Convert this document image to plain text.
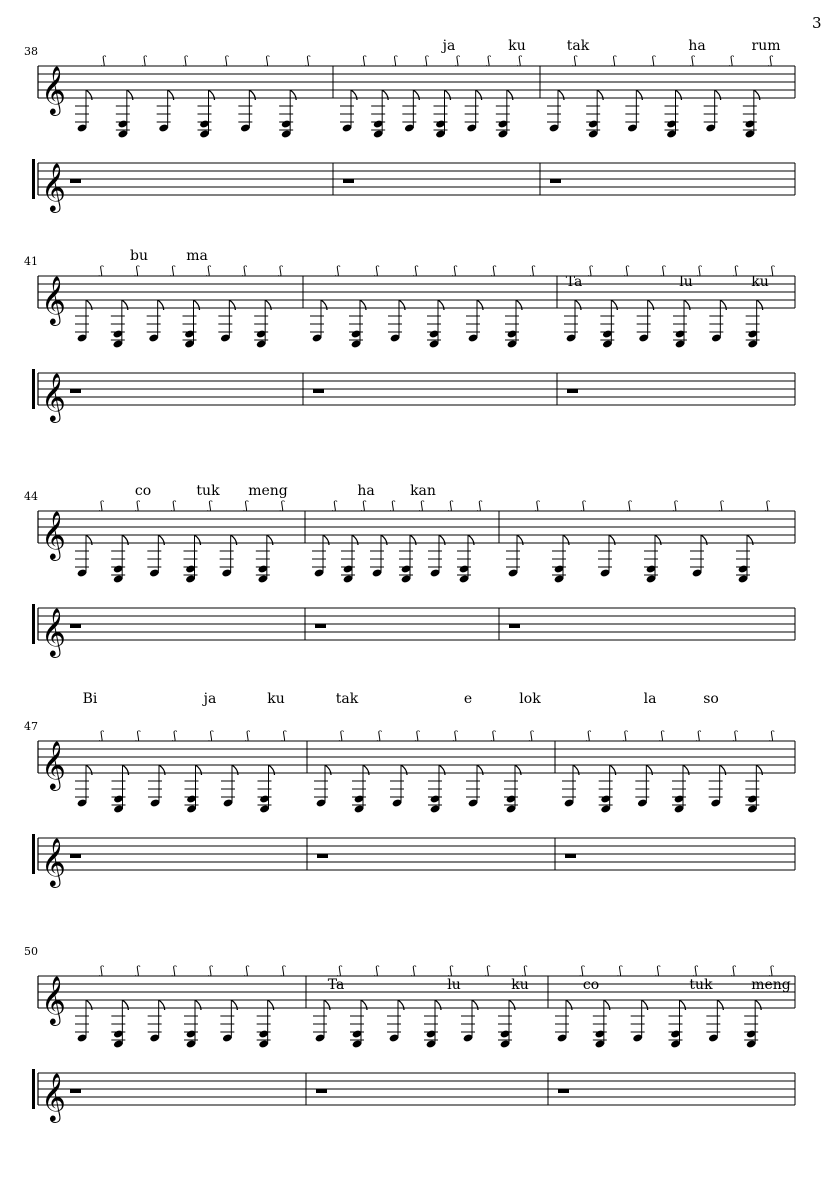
3
38
41
44
47
50
ja	ku	tak	ha	rum
bu	ma
Ta	lu	ku
co	tuk meng	ha	kan
Bi	ja	ku	tak	e	lok	la	so
Ta	lu	ku	co	tuk	meng
𝄞
𝄞
ʃ	ʃ	ʃ	ʃ	ʃ	ʃ	ʃ	ʃ	ʃ	ʃ	ʃ	ʃ	ʃ	ʃ	ʃ	ʃ	ʃ	ʃ
𝄞
𝄞
ʃ	ʃ	ʃ	ʃ	ʃ	ʃ	ʃ	ʃ	ʃ	ʃ	ʃ	ʃ	ʃ	ʃ	ʃ	ʃ	ʃ	ʃ
𝄞
𝄞
ʃ	ʃ	ʃ	ʃ	ʃ	ʃ	ʃ ʃ ʃ ʃ ʃ ʃ	ʃ	ʃ	ʃ	ʃ	ʃ	ʃ
𝄞
𝄞
ʃ	ʃ	ʃ	ʃ	ʃ	ʃ	ʃ	ʃ	ʃ	ʃ	ʃ	ʃ	ʃ	ʃ	ʃ	ʃ	ʃ	ʃ
𝄞
𝄞
ʃ	ʃ	ʃ	ʃ	ʃ	ʃ	ʃ	ʃ	ʃ	ʃ	ʃ	ʃ	ʃ	ʃ	ʃ	ʃ	ʃ	ʃ
